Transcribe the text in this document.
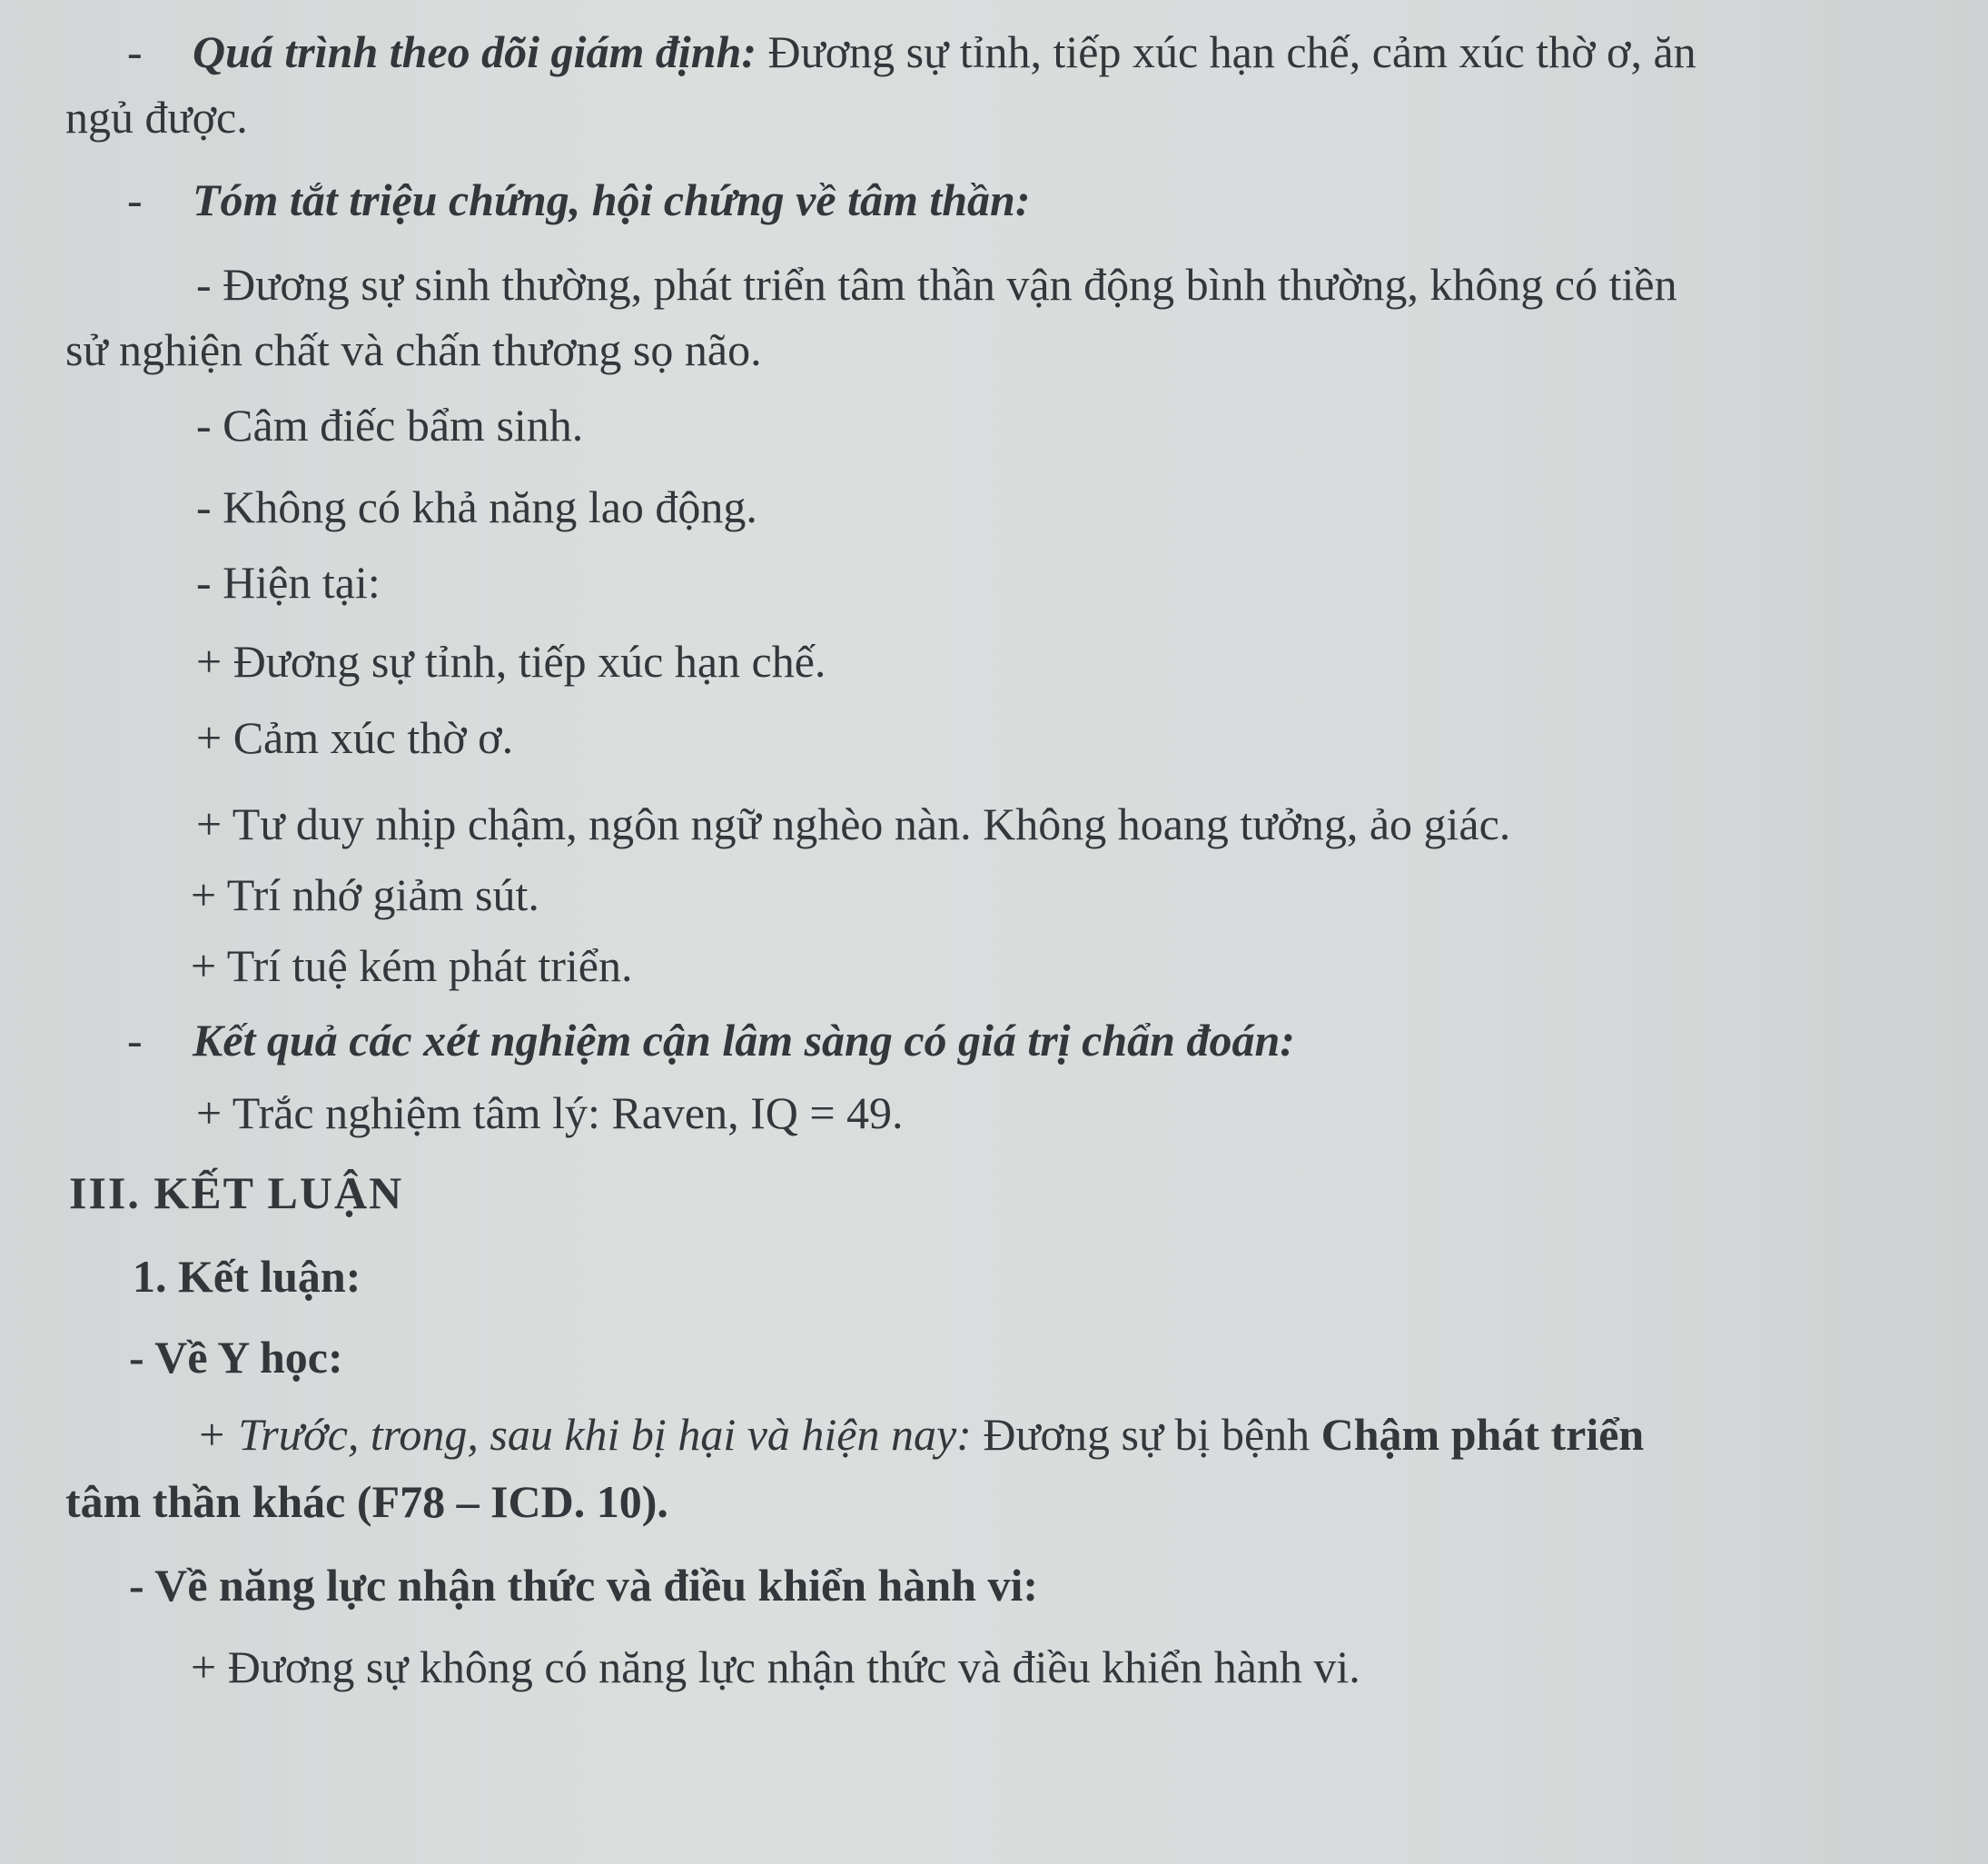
- Quá trình theo dõi giám định: Đương sự tỉnh, tiếp xúc hạn chế, cảm xúc thờ ơ, ăn
ngủ được.
- Tóm tắt triệu chứng, hội chứng về tâm thần:
- Đương sự sinh thường, phát triển tâm thần vận động bình thường, không có tiền
sử nghiện chất và chấn thương sọ não.
- Câm điếc bẩm sinh.
- Không có khả năng lao động.
- Hiện tại:
+ Đương sự tỉnh, tiếp xúc hạn chế.
+ Cảm xúc thờ ơ.
+ Tư duy nhịp chậm, ngôn ngữ nghèo nàn. Không hoang tưởng, ảo giác.
+ Trí nhớ giảm sút.
+ Trí tuệ kém phát triển.
- Kết quả các xét nghiệm cận lâm sàng có giá trị chẩn đoán:
+ Trắc nghiệm tâm lý: Raven, IQ = 49.
III. KẾT LUẬN
1. Kết luận:
- Về Y học:
+ Trước, trong, sau khi bị hại và hiện nay: Đương sự bị bệnh Chậm phát triển
tâm thần khác (F78 – ICD. 10).
- Về năng lực nhận thức và điều khiển hành vi:
+ Đương sự không có năng lực nhận thức và điều khiển hành vi.
